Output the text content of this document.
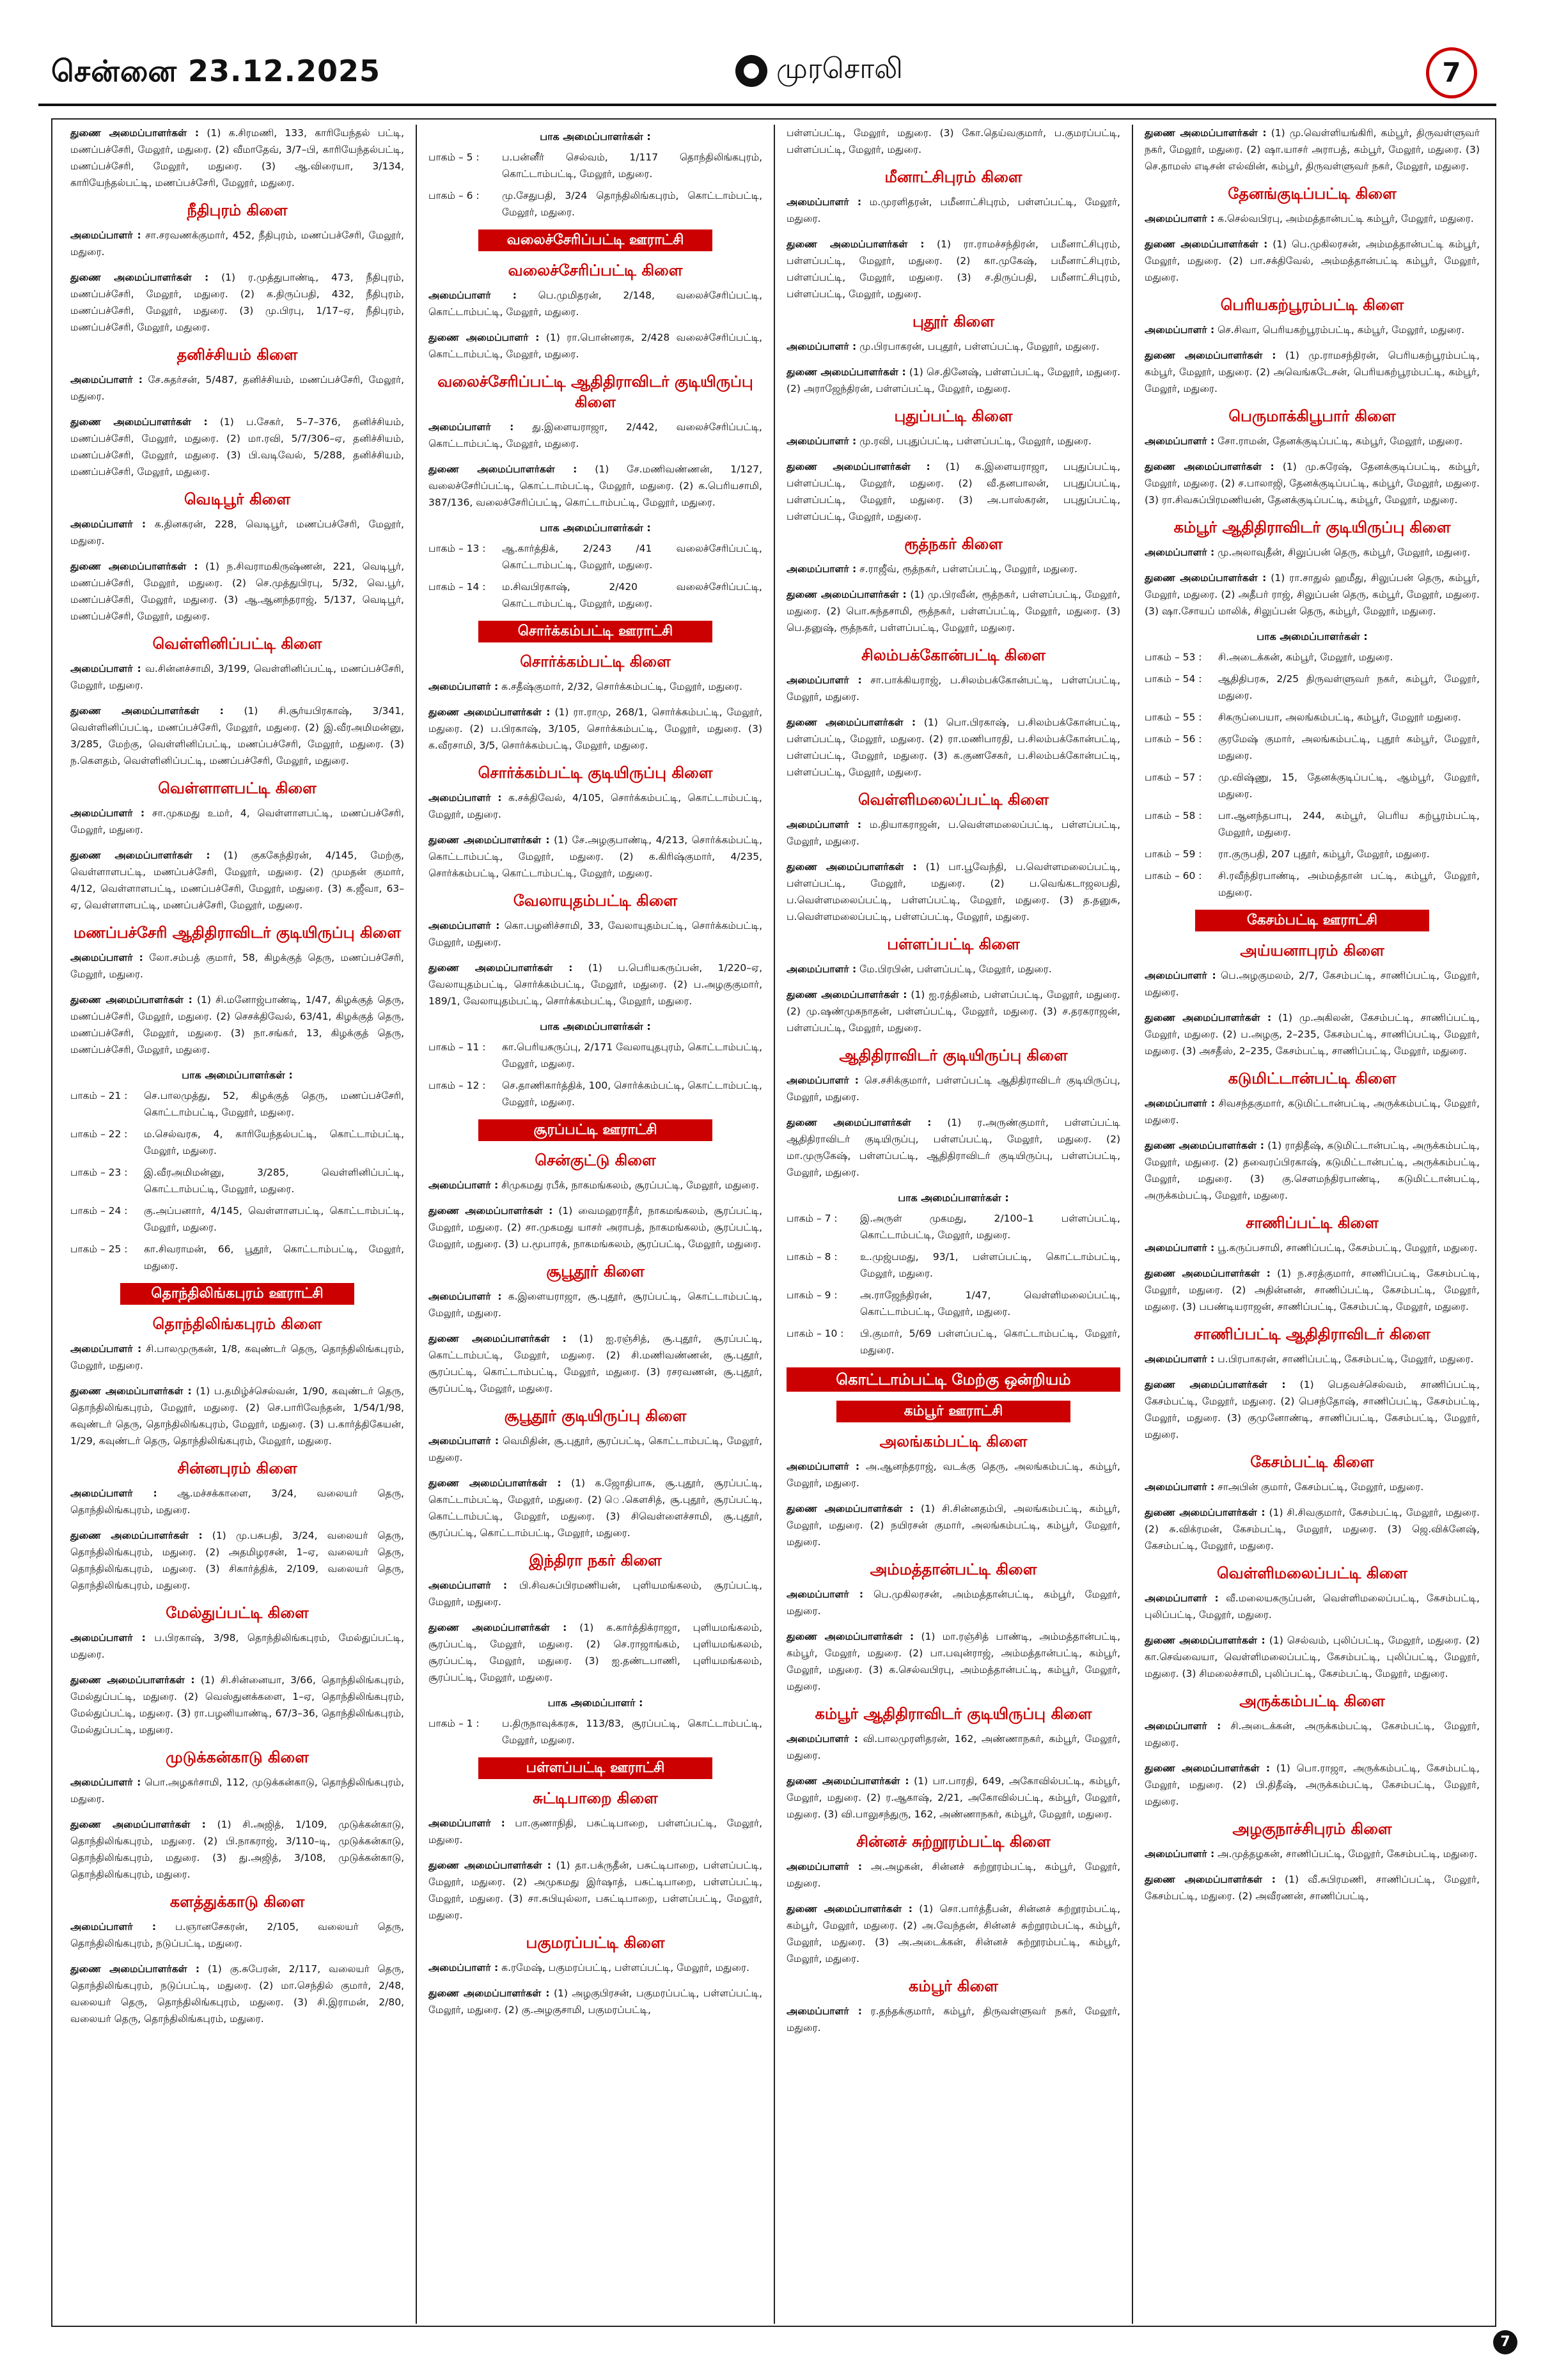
சென்னை 23.12.2025	முரசொலி	7

துணை அமைப்பாளர்கள் : (1) க.சிரமணி, 133, காரியேந்தல் பட்டி, மணப்பச்சேரி, மேலூர், மதுரை. (2) வீமாதேவ், 3/7–பி, காரியேந்தல்பட்டி, மணப்பச்சேரி, மேலூர், மதுரை. (3) ஆ.விரையா, 3/134, காரியேந்தல்பட்டி, மணப்பச்சேரி, மேலூர், மதுரை.

நீதிபுரம் கிளை

அமைப்பாளர் : சா.சரவணக்குமார், 452, நீதிபுரம், மணப்பச்சேரி, மேலூர், மதுரை.

துணை அமைப்பாளர்கள் : (1) ர.முத்துபாண்டி, 473, நீதிபுரம், மணப்பச்சேரி, மேலூர், மதுரை. (2) க.திருப்பதி, 432, நீதிபுரம், மணப்பச்சேரி, மேலூர், மதுரை. (3) மு.பிரபு, 1/17–ஏ, நீதிபுரம், மணப்பச்சேரி, மேலூர், மதுரை.

தனிச்சியம் கிளை

அமைப்பாளர் : சே.சுதர்சன், 5/487, தனிச்சியம், மணப்பச்சேரி, மேலூர், மதுரை.

துணை அமைப்பாளர்கள் : (1) ப.சேகர், 5–7–376, தனிச்சியம், மணப்பச்சேரி, மேலூர், மதுரை. (2) மா.ரவி, 5/7/306–ஏ, தனிச்சியம், மணப்பச்சேரி, மேலூர், மதுரை. (3) பி.வடிவேல், 5/288, தனிச்சியம், மணப்பச்சேரி, மேலூர், மதுரை.

வெடிபூர் கிளை

அமைப்பாளர் : க.தினகரன், 228, வெடிபூர், மணப்பச்சேரி, மேலூர், மதுரை.

துணை அமைப்பாளர்கள் : (1) ந.சிவராமகிருஷ்ணன், 221, வெடிபூர், மணப்பச்சேரி, மேலூர், மதுரை. (2) செ.முத்துபிரபு, 5/32, வெ.பூர், மணப்பச்சேரி, மேலூர், மதுரை. (3) ஆ.ஆனந்தராஜ், 5/137, வெடிபூர், மணப்பச்சேரி, மேலூர், மதுரை.

வெள்ளினிப்பட்டி கிளை

அமைப்பாளர் : வ.சின்னச்சாமி, 3/199, வெள்ளினிப்பட்டி, மணப்பச்சேரி, மேலூர், மதுரை.

துணை அமைப்பாளர்கள் : (1) சி.சூர்யபிரகாஷ், 3/341, வெள்ளினிப்பட்டி, மணப்பச்சேரி, மேலூர், மதுரை. (2) இ.வீரஅமிமன்னு, 3/285, மேற்கு, வெள்ளினிப்பட்டி, மணப்பச்சேரி, மேலூர், மதுரை. (3) ந.கௌதம், வெள்ளினிப்பட்டி, மணப்பச்சேரி, மேலூர், மதுரை.

வெள்ளாளபட்டி கிளை

அமைப்பாளர் : சா.முகமது உமர், 4, வெள்ளாளபட்டி, மணப்பச்சேரி, மேலூர், மதுரை.

துணை அமைப்பாளர்கள் : (1) குககேந்திரன், 4/145, மேற்கு, வெள்ளாளபட்டி, மணப்பச்சேரி, மேலூர், மதுரை. (2) முமதன் குமார், 4/12, வெள்ளாளபட்டி, மணப்பச்சேரி, மேலூர், மதுரை. (3) க.ஜீவா, 63–ஏ, வெள்ளாளபட்டி, மணப்பச்சேரி, மேலூர், மதுரை.

மணப்பச்சேரி ஆதிதிராவிடர் குடியிருப்பு கிளை

அமைப்பாளர் : லோ.சம்பத் குமார், 58, கிழக்குத் தெரு, மணப்பச்சேரி, மேலூர், மதுரை.

துணை அமைப்பாளர்கள் : (1) சி.மனோஜ்பாண்டி, 1/47, கிழக்குத் தெரு, மணப்பச்சேரி, மேலூர், மதுரை. (2) செசக்திவேல், 63/41, கிழக்குத் தெரு, மணப்பச்சேரி, மேலூர், மதுரை. (3) நா.சங்கர், 13, கிழக்குத் தெரு, மணப்பச்சேரி, மேலூர், மதுரை.

பாக அமைப்பாளர்கள் :
பாகம் – 21 :	செ.பாலமுத்து, 52, கிழக்குத் தெரு, மணப்பச்சேரி, கொட்டாம்பட்டி, மேலூர், மதுரை.
பாகம் – 22 :	ம.செல்வரசு, 4, காரியேந்தல்பட்டி, கொட்டாம்பட்டி, மேலூர், மதுரை.
பாகம் – 23 :	இ.வீரஅமிமன்னு, 3/285, வெள்ளினிப்பட்டி, கொட்டாம்பட்டி, மேலூர், மதுரை.
பாகம் – 24 :	கு.அப்பனார், 4/145, வெள்ளாளபட்டி, கொட்டாம்பட்டி, மேலூர், மதுரை.
பாகம் – 25 :	கா.சிவராமன், 66, பூதூர், கொட்டாம்பட்டி, மேலூர், மதுரை.
தொந்திலிங்கபுரம் ஊராட்சி
தொந்திலிங்கபுரம் கிளை

அமைப்பாளர் : சி.பாலமுருகன், 1/8, கவுண்டர் தெரு, தொந்திலிங்கபுரம், மேலூர், மதுரை.

துணை அமைப்பாளர்கள் : (1) ப.தமிழ்ச்செல்வன், 1/90, கவுண்டர் தெரு, தொந்திலிங்கபுரம், மேலூர், மதுரை. (2) செ.பாரிவேந்தன், 1/54/1/98, கவுண்டர் தெரு, தொந்திலிங்கபுரம், மேலூர், மதுரை. (3) ப.கார்த்திகேயன், 1/29, கவுண்டர் தெரு, தொந்திலிங்கபுரம், மேலூர், மதுரை.

சின்னபுரம் கிளை

அமைப்பாளர் : ஆ.மச்சக்காளை, 3/24, வலையர் தெரு, தொந்திலிங்கபுரம், மதுரை.

துணை அமைப்பாளர்கள் : (1) மு.பசுபதி, 3/24, வலையர் தெரு, தொந்திலிங்கபுரம், மதுரை. (2) அதமிழரசன், 1–ஏ, வலையர் தெரு, தொந்திலிங்கபுரம், மதுரை. (3) சிகார்த்திக், 2/109, வலையர் தெரு, தொந்திலிங்கபுரம், மதுரை.

மேல்துப்பட்டி கிளை

அமைப்பாளர் : ப.பிரகாஷ், 3/98, தொந்திலிங்கபுரம், மேல்துப்பட்டி, மதுரை.

துணை அமைப்பாளர்கள் : (1) சி.சின்னையா, 3/66, தொந்திலிங்கபுரம், மேல்துப்பட்டி, மதுரை. (2) வெஸ்துனக்களை, 1–ஏ, தொந்திலிங்கபுரம், மேல்துப்பட்டி, மதுரை. (3) ரா.பழனியாண்டி, 67/3–36, தொந்திலிங்கபுரம், மேல்துப்பட்டி, மதுரை.

முடுக்கன்காடு கிளை

அமைப்பாளர் : பொ.அழகர்சாமி, 112, முடுக்கன்காடு, தொந்திலிங்கபுரம், மதுரை.

துணை அமைப்பாளர்கள் : (1) சி.அஜித், 1/109, முடுக்கன்காடு, தொந்திலிங்கபுரம், மதுரை. (2) பி.நாகராஜ், 3/110–டி, முடுக்கன்காடு, தொந்திலிங்கபுரம், மதுரை. (3) து.அஜித், 3/108, முடுக்கன்காடு, தொந்திலிங்கபுரம், மதுரை.

களத்துக்காடு கிளை

அமைப்பாளர் : ப.ஞானசேகரன், 2/105, வலையர் தெரு, தொந்திலிங்கபுரம், நடுப்பட்டி, மதுரை.

துணை அமைப்பாளர்கள் : (1) கு.சுபேரன், 2/117, வலையர் தெரு, தொந்திலிங்கபுரம், நடுப்பட்டி, மதுரை. (2) மா.செந்தில் குமார், 2/48, வலையர் தெரு, தொந்திலிங்கபுரம், மதுரை. (3) சி.இராமன், 2/80, வலையர் தெரு, தொந்திலிங்கபுரம், மதுரை.

பாக அமைப்பாளர்கள் :
பாகம் – 5 :	ப.பன்னீர் செல்வம், 1/117 தொந்திலிங்கபுரம், கொட்டாம்பட்டி, மேலூர், மதுரை.
பாகம் – 6 :	மு.சேதுபதி, 3/24 தொந்திலிங்கபுரம், கொட்டாம்பட்டி, மேலூர், மதுரை.
வலைச்சேரிப்பட்டி ஊராட்சி
வலைச்சேரிப்பட்டி கிளை

அமைப்பாளர் : பெ.முமிதரன், 2/148, வலைச்சேரிப்பட்டி, கொட்டாம்பட்டி, மேலூர், மதுரை.

துணை அமைப்பாளர் : (1) ரா.பொன்னரசு, 2/428 வலைச்சேரிப்பட்டி, கொட்டாம்பட்டி, மேலூர், மதுரை.

வலைச்சேரிப்பட்டி ஆதிதிராவிடர் குடியிருப்பு கிளை

அமைப்பாளர் : து.இளையராஜா, 2/442, வலைச்சேரிப்பட்டி, கொட்டாம்பட்டி, மேலூர், மதுரை.

துணை அமைப்பாளர்கள் : (1) சே.மணிவண்ணன், 1/127, வலைச்சேரிப்பட்டி, கொட்டாம்பட்டி, மேலூர், மதுரை. (2) க.பெரியசாமி, 387/136, வலைச்சேரிப்பட்டி, கொட்டாம்பட்டி, மேலூர், மதுரை.

பாக அமைப்பாளர்கள் :
பாகம் – 13 :	ஆ.கார்த்திக், 2/243 /41 வலைச்சேரிப்பட்டி, கொட்டாம்பட்டி, மேலூர், மதுரை.
பாகம் – 14 :	ம.சிவபிரகாஷ், 2/420 வலைச்சேரிப்பட்டி, கொட்டாம்பட்டி, மேலூர், மதுரை.
சொர்க்கம்பட்டி ஊராட்சி
சொர்க்கம்பட்டி கிளை

அமைப்பாளர் : க.சதீஷ்குமார், 2/32, சொர்க்கம்பட்டி, மேலூர், மதுரை.

துணை அமைப்பாளர்கள் : (1) ரா.ராமு, 268/1, சொர்க்கம்பட்டி, மேலூர், மதுரை. (2) ப.பிரகாஷ், 3/105, சொர்க்கம்பட்டி, மேலூர், மதுரை. (3) க.வீரசாமி, 3/5, சொர்க்கம்பட்டி, மேலூர், மதுரை.

சொர்க்கம்பட்டி குடியிருப்பு கிளை

அமைப்பாளர் : க.சக்திவேல், 4/105, சொர்க்கம்பட்டி, கொட்டாம்பட்டி, மேலூர், மதுரை.

துணை அமைப்பாளர்கள் : (1) சே.அழகுபாண்டி, 4/213, சொர்க்கம்பட்டி, கொட்டாம்பட்டி, மேலூர், மதுரை. (2) க.கிரிஷ்குமார், 4/235, சொர்க்கம்பட்டி, கொட்டாம்பட்டி, மேலூர், மதுரை.

வேலாயுதம்பட்டி கிளை

அமைப்பாளர் : கொ.பழனிச்சாமி, 33, வேலாயுதம்பட்டி, சொர்க்கம்பட்டி, மேலூர், மதுரை.

துணை அமைப்பாளர்கள் : (1) ப.பெரியகருப்பன், 1/220–ஏ, வேலாயுதம்பட்டி, சொர்க்கம்பட்டி, மேலூர், மதுரை. (2) ப.அழகுகுமார், 189/1, வேலாயுதம்பட்டி, சொர்க்கம்பட்டி, மேலூர், மதுரை.

பாக அமைப்பாளர்கள் :
பாகம் – 11 :	கா.பெரியகருப்பு, 2/171 வேலாயுதபுரம், கொட்டாம்பட்டி, மேலூர், மதுரை.
பாகம் – 12 :	செ.தாணிகார்த்திக், 100, சொர்க்கம்பட்டி, கொட்டாம்பட்டி, மேலூர், மதுரை.
சூரப்பட்டி ஊராட்சி
சென்குட்டு கிளை

அமைப்பாளர் : சிமுகமது ரபீக், நாகமங்கலம், சூரப்பட்டி, மேலூர், மதுரை.

துணை அமைப்பாளர்கள் : (1) வைமஹராதீர், நாகமங்கலம், சூரப்பட்டி, மேலூர், மதுரை. (2) சா.முகமது யாசர் அராபத், நாகமங்கலம், சூரப்பட்டி, மேலூர், மதுரை. (3) ப.மூபாரக், நாகமங்கலம், சூரப்பட்டி, மேலூர், மதுரை.

சூபூதூர் கிளை

அமைப்பாளர் : க.இளையராஜா, சூ.புதூர், சூரப்பட்டி, கொட்டாம்பட்டி, மேலூர், மதுரை.

துணை அமைப்பாளர்கள் : (1) ஐ.ரஞ்சித், சூ.புதூர், சூரப்பட்டி, கொட்டாம்பட்டி, மேலூர், மதுரை. (2) சி.மணிவண்ணன், சூ.புதூர், சூரப்பட்டி, கொட்டாம்பட்டி, மேலூர், மதுரை. (3) ரசரவணன், சூ.புதூர், சூரப்பட்டி, மேலூர், மதுரை.

சூபூதூர் குடியிருப்பு கிளை

அமைப்பாளர் : வெமிதின், சூ.புதூர், சூரப்பட்டி, கொட்டாம்பட்டி, மேலூர், மதுரை.

துணை அமைப்பாளர்கள் : (1) க.ஜோதிபாசு, சூ.புதூர், சூரப்பட்டி, கொட்டாம்பட்டி, மேலூர், மதுரை. (2) ெ.கௌசித், சூ.புதூர், சூரப்பட்டி, கொட்டாம்பட்டி, மேலூர், மதுரை. (3) சிவெள்ளைச்சாமி, சூ.புதூர், சூரப்பட்டி, கொட்டாம்பட்டி, மேலூர், மதுரை.

இந்திரா நகர் கிளை

அமைப்பாளர் : பி.சிவசுப்பிரமணியன், புளியமங்கலம், சூரப்பட்டி, மேலூர், மதுரை.

துணை அமைப்பாளர்கள் : (1) க.கார்த்திக்ராஜா, புளியமங்கலம், சூரப்பட்டி, மேலூர், மதுரை. (2) செ.ராஜாங்கம், புளியமங்கலம், சூரப்பட்டி, மேலூர், மதுரை. (3) ஐ.தண்டபாணி, புளியமங்கலம், சூரப்பட்டி, மேலூர், மதுரை.

பாக அமைப்பாளர் :
பாகம் – 1 :	ப.திருநாவுக்கரசு, 113/83, சூரப்பட்டி, கொட்டாம்பட்டி, மேலூர், மதுரை.
பள்ளப்பட்டி ஊராட்சி
சுட்டிபாறை கிளை

அமைப்பாளர் : பா.குணாநிதி, பசுட்டிபாறை, பள்ளப்பட்டி, மேலூர், மதுரை.

துணை அமைப்பாளர்கள் : (1) தா.பக்ருதீன், பசுட்டிபாறை, பள்ளப்பட்டி, மேலூர், மதுரை. (2) அமுகமது இர்ஷாத், பசுட்டிபாறை, பள்ளப்பட்டி, மேலூர், மதுரை. (3) சா.சுபியுல்லா, பசுட்டிபாறை, பள்ளப்பட்டி, மேலூர், மதுரை.

பகுமரப்பட்டி கிளை

அமைப்பாளர் : க.ரமேஷ், பகுமரப்பட்டி, பள்ளப்பட்டி, மேலூர், மதுரை.

துணை அமைப்பாளர்கள் : (1) அழகுபிரசன், பகுமரப்பட்டி, பள்ளப்பட்டி, மேலூர், மதுரை. (2) கு.அழகுசாமி, பகுமரப்பட்டி,

பள்ளப்பட்டி, மேலூர், மதுரை. (3) கோ.தெய்வகுமார், ப.குமரப்பட்டி, பள்ளப்பட்டி, மேலூர், மதுரை.

மீனாட்சிபுரம் கிளை

அமைப்பாளர் : ம.முரளிதரன், பமீனாட்சிபுரம், பள்ளப்பட்டி, மேலூர், மதுரை.

துணை அமைப்பாளர்கள் : (1) ரா.ராமச்சந்திரன், பமீனாட்சிபுரம், பள்ளப்பட்டி, மேலூர், மதுரை. (2) கா.முகேஷ், பமீனாட்சிபுரம், பள்ளப்பட்டி, மேலூர், மதுரை. (3) ச.திருப்பதி, பமீனாட்சிபுரம், பள்ளப்பட்டி, மேலூர், மதுரை.

புதூர் கிளை

அமைப்பாளர் : மு.பிரபாகரன், பபுதூர், பள்ளப்பட்டி, மேலூர், மதுரை.

துணை அமைப்பாளர்கள் : (1) செ.தினேஷ், பள்ளப்பட்டி, மேலூர், மதுரை. (2) அராஜேந்திரன், பள்ளப்பட்டி, மேலூர், மதுரை.

புதுப்பட்டி கிளை

அமைப்பாளர் : மு.ரவி, பபுதுப்பட்டி, பள்ளப்பட்டி, மேலூர், மதுரை.

துணை அமைப்பாளர்கள் : (1) க.இளையராஜா, பபுதுப்பட்டி, பள்ளப்பட்டி, மேலூர், மதுரை. (2) வீ.தனபாலன், பபுதுப்பட்டி, பள்ளப்பட்டி, மேலூர், மதுரை. (3) அ.பாஸ்கரன், பபுதுப்பட்டி, பள்ளப்பட்டி, மேலூர், மதுரை.

ரூத்நகர் கிளை

அமைப்பாளர் : ச.ராஜீவ், ரூத்நகர், பள்ளப்பட்டி, மேலூர், மதுரை.

துணை அமைப்பாளர்கள் : (1) மு.பிரவீன், ரூத்நகர், பள்ளப்பட்டி, மேலூர், மதுரை. (2) பொ.சுந்தசாமி, ரூத்நகர், பள்ளப்பட்டி, மேலூர், மதுரை. (3) பெ.தனுஷ், ரூத்நகர், பள்ளப்பட்டி, மேலூர், மதுரை.

சிலம்பக்கோன்பட்டி கிளை

அமைப்பாளர் : சா.பாக்கியராஜ், ப.சிலம்பக்கோன்பட்டி, பள்ளப்பட்டி, மேலூர், மதுரை.

துணை அமைப்பாளர்கள் : (1) பொ.பிரகாஷ், ப.சிலம்பக்கோன்பட்டி, பள்ளப்பட்டி, மேலூர், மதுரை. (2) ரா.மணிபாரதி, ப.சிலம்பக்கோன்பட்டி, பள்ளப்பட்டி, மேலூர், மதுரை. (3) க.குணசேகர், ப.சிலம்பக்கோன்பட்டி, பள்ளப்பட்டி, மேலூர், மதுரை.

வெள்ளிமலைப்பட்டி கிளை

அமைப்பாளர் : ம.தியாகராஜன், ப.வெள்ளமலைப்பட்டி, பள்ளப்பட்டி, மேலூர், மதுரை.

துணை அமைப்பாளர்கள் : (1) பா.பூவேந்தி, ப.வெள்ளமலைப்பட்டி, பள்ளப்பட்டி, மேலூர், மதுரை. (2) ப.வெங்கடாஜலபதி, ப.வெள்ளமலைப்பட்டி, பள்ளப்பட்டி, மேலூர், மதுரை. (3) த.தனுசு, ப.வெள்ளமலைப்பட்டி, பள்ளப்பட்டி, மேலூர், மதுரை.

பள்ளப்பட்டி கிளை

அமைப்பாளர் : மே.பிரபின், பள்ளப்பட்டி, மேலூர், மதுரை.

துணை அமைப்பாளர்கள் : (1) ஐ.ரத்தினம், பள்ளப்பட்டி, மேலூர், மதுரை. (2) மு.ஷண்முகநாதன், பள்ளப்பட்டி, மேலூர், மதுரை. (3) ச.தரகராஜன், பள்ளப்பட்டி, மேலூர், மதுரை.

ஆதிதிராவிடர் குடியிருப்பு கிளை

அமைப்பாளர் : செ.சசிக்குமார், பள்ளப்பட்டி ஆதிதிராவிடர் குடியிருப்பு, மேலூர், மதுரை.

துணை அமைப்பாளர்கள் : (1) ர.அருண்குமார், பள்ளப்பட்டி ஆதிதிராவிடர் குடியிருப்பு, பள்ளப்பட்டி, மேலூர், மதுரை. (2) மா.முருகேஷ், பள்ளப்பட்டி, ஆதிதிராவிடர் குடியிருப்பு, பள்ளப்பட்டி, மேலூர், மதுரை.

பாக அமைப்பாளர்கள் :
பாகம் – 7 :	இ.அருள் முகமது, 2/100–1 பள்ளப்பட்டி, கொட்டாம்பட்டி, மேலூர், மதுரை.
பாகம் – 8 :	உ.முஜ்பமது, 93/1, பள்ளப்பட்டி, கொட்டாம்பட்டி, மேலூர், மதுரை.
பாகம் – 9 :	அ.ராஜேந்திரன், 1/47, வெள்ளிமலைப்பட்டி, கொட்டாம்பட்டி, மேலூர், மதுரை.
பாகம் – 10 :	பி.குமார், 5/69 பள்ளப்பட்டி, கொட்டாம்பட்டி, மேலூர், மதுரை.
கொட்டாம்பட்டி மேற்கு ஒன்றியம்
கம்பூர் ஊராட்சி
அலங்கம்பட்டி கிளை

அமைப்பாளர் : அ.ஆனந்தராஜ், வடக்கு தெரு, அலங்கம்பட்டி, கம்பூர், மேலூர், மதுரை.

துணை அமைப்பாளர்கள் : (1) சி.சின்னதம்பி, அலங்கம்பட்டி, கம்பூர், மேலூர், மதுரை. (2) நயிரசன் குமார், அலங்கம்பட்டி, கம்பூர், மேலூர், மதுரை.

அம்மத்தான்பட்டி கிளை

அமைப்பாளர் : பெ.முகிலரசன், அம்மத்தான்பட்டி, கம்பூர், மேலூர், மதுரை.

துணை அமைப்பாளர்கள் : (1) மா.ரஞ்சித் பாண்டி, அம்மத்தான்பட்டி, கம்பூர், மேலூர், மதுரை. (2) பா.பவுன்ராஜ், அம்மத்தான்பட்டி, கம்பூர், மேலூர், மதுரை. (3) க.செல்வபிரபு, அம்மத்தான்பட்டி, கம்பூர், மேலூர், மதுரை.

கம்பூர் ஆதிதிராவிடர் குடியிருப்பு கிளை

அமைப்பாளர் : வி.பாலமுரளிதரன், 162, அண்ணாநகர், கம்பூர், மேலூர், மதுரை.

துணை அமைப்பாளர்கள் : (1) பா.பாரதி, 649, அகோவில்பட்டி, கம்பூர், மேலூர், மதுரை. (2) ர.ஆகாஷ், 2/21, அகோவில்பட்டி, கம்பூர், மேலூர், மதுரை. (3) வி.பாலுசந்துரு, 162, அண்ணாநகர், கம்பூர், மேலூர், மதுரை.

சின்னச் சுற்றூரம்பட்டி கிளை

அமைப்பாளர் : அ.அழகன், சின்னச் சுற்றூரம்பட்டி, கம்பூர், மேலூர், மதுரை.

துணை அமைப்பாளர்கள் : (1) சொ.பார்த்தீபன், சின்னச் சுற்றூரம்பட்டி, கம்பூர், மேலூர், மதுரை. (2) அ.வேந்தன், சின்னச் சுற்றூரம்பட்டி, கம்பூர், மேலூர், மதுரை. (3) அ.அடைக்கன், சின்னச் சுற்றூரம்பட்டி, கம்பூர், மேலூர், மதுரை.

கம்பூர் கிளை

அமைப்பாளர் : ர.தந்தக்குமார், கம்பூர், திருவள்ளுவர் நகர், மேலூர், மதுரை.

துணை அமைப்பாளர்கள் : (1) மு.வெள்ளியங்கிரி, கம்பூர், திருவள்ளுவர் நகர், மேலூர், மதுரை. (2) ஷா.யாசர் அராபத், கம்பூர், மேலூர், மதுரை. (3) செ.தாமஸ் எடிசன் எல்வின், கம்பூர், திருவள்ளுவர் நகர், மேலூர், மதுரை.

தேனங்குடிப்பட்டி கிளை

அமைப்பாளர் : க.செல்வபிரபு, அம்மத்தான்பட்டி கம்பூர், மேலூர், மதுரை.

துணை அமைப்பாளர்கள் : (1) பெ.முகிலரசன், அம்மத்தான்பட்டி கம்பூர், மேலூர், மதுரை. (2) பா.சக்திவேல், அம்மத்தான்பட்டி கம்பூர், மேலூர், மதுரை.

பெரியகற்பூரம்பட்டி கிளை

அமைப்பாளர் : செ.சிவா, பெரியகற்பூரம்பட்டி, கம்பூர், மேலூர், மதுரை.

துணை அமைப்பாளர்கள் : (1) மு.ராமசந்திரன், பெரியகற்பூரம்பட்டி, கம்பூர், மேலூர், மதுரை. (2) அவெங்கடேசன், பெரியகற்பூரம்பட்டி, கம்பூர், மேலூர், மதுரை.

பெருமாக்கிபூபார் கிளை

அமைப்பாளர் : சோ.ராமன், தேனக்குடிப்பட்டி, கம்பூர், மேலூர், மதுரை.

துணை அமைப்பாளர்கள் : (1) மு.சுரேஷ், தேனக்குடிப்பட்டி, கம்பூர், மேலூர், மதுரை. (2) ச.பாலாஜி, தேனக்குடிப்பட்டி, கம்பூர், மேலூர், மதுரை. (3) ரா.சிவசுப்பிரமணியன், தேனக்குடிப்பட்டி, கம்பூர், மேலூர், மதுரை.

கம்பூர் ஆதிதிராவிடர் குடியிருப்பு கிளை

அமைப்பாளர் : மு.அலாவுதீன், சிலுப்பன் தெரு, கம்பூர், மேலூர், மதுரை.

துணை அமைப்பாளர்கள் : (1) ரா.சாதுல் ஹமீது, சிலுப்பன் தெரு, கம்பூர், மேலூர், மதுரை. (2) அதீபர் ராஜ், சிலுப்பன் தெரு, கம்பூர், மேலூர், மதுரை. (3) ஷா.சோயப் மாலிக், சிலுப்பன் தெரு, கம்பூர், மேலூர், மதுரை.

பாக அமைப்பாளர்கள் :
பாகம் – 53 :	சி.அடைக்கன், கம்பூர், மேலூர், மதுரை.
பாகம் – 54 :	ஆதிதிபரசு, 2/25 திருவள்ளுவர் நகர், கம்பூர், மேலூர், மதுரை.
பாகம் – 55 :	சிகருப்பையா, அலங்கம்பட்டி, கம்பூர், மேலூர் மதுரை.
பாகம் – 56 :	குரமேஷ் குமார், அலங்கம்பட்டி, புதூர் கம்பூர், மேலூர், மதுரை.
பாகம் – 57 :	மு.விஷ்ணு, 15, தேனக்குடிப்பட்டி, ஆம்பூர், மேலூர், மதுரை.
பாகம் – 58 :	பா.ஆனந்தபாபு, 244, கம்பூர், பெரிய கற்பூரம்பட்டி, மேலூர், மதுரை.
பாகம் – 59 :	ரா.குருபதி, 207 புதூர், கம்பூர், மேலூர், மதுரை.
பாகம் – 60 :	சி.ரவீந்திரபாண்டி, அம்மத்தான் பட்டி, கம்பூர், மேலூர், மதுரை.
கேசம்பட்டி ஊராட்சி
அய்யனாபுரம் கிளை

அமைப்பாளர் : பெ.அழகுமலம், 2/7, கேசம்பட்டி, சாணிப்பட்டி, மேலூர், மதுரை.

துணை அமைப்பாளர்கள் : (1) மு.அகிலன், கேசம்பட்டி, சாணிப்பட்டி, மேலூர், மதுரை. (2) ப.அழகு, 2–235, கேசம்பட்டி, சாணிப்பட்டி, மேலூர், மதுரை. (3) அசதீஸ், 2–235, கேசம்பட்டி, சாணிப்பட்டி, மேலூர், மதுரை.

கடுமிட்டான்பட்டி கிளை

அமைப்பாளர் : சிவசந்தகுமார், கடுமிட்டான்பட்டி, அருக்கம்பட்டி, மேலூர், மதுரை.

துணை அமைப்பாளர்கள் : (1) ராதிதீஷ், கடுமிட்டான்பட்டி, அருக்கம்பட்டி, மேலூர், மதுரை. (2) தவைரப்பிரகாஷ், கடுமிட்டான்பட்டி, அருக்கம்பட்டி, மேலூர், மதுரை. (3) கு.சௌமந்திரபாண்டி, கடுமிட்டான்பட்டி, அருக்கம்பட்டி, மேலூர், மதுரை.

சாணிப்பட்டி கிளை

அமைப்பாளர் : பூ.கருப்பசாமி, சாணிப்பட்டி, கேசம்பட்டி, மேலூர், மதுரை.

துணை அமைப்பாளர்கள் : (1) ந.சரத்குமார், சாணிப்பட்டி, கேசம்பட்டி, மேலூர், மதுரை. (2) அதின்னன், சாணிப்பட்டி, கேசம்பட்டி, மேலூர், மதுரை. (3) பபண்டியராஜன், சாணிப்பட்டி, கேசம்பட்டி, மேலூர், மதுரை.

சாணிப்பட்டி ஆதிதிராவிடர் கிளை

அமைப்பாளர் : ப.பிரபாகரன், சாணிப்பட்டி, கேசம்பட்டி, மேலூர், மதுரை.

துணை அமைப்பாளர்கள் : (1) பெதவச்செல்வம், சாணிப்பட்டி, கேசம்பட்டி, மேலூர், மதுரை. (2) பெசந்தோஷ், சாணிப்பட்டி, கேசம்பட்டி, மேலூர், மதுரை. (3) குமுனோண்டி, சாணிப்பட்டி, கேசம்பட்டி, மேலூர், மதுரை.

கேசம்பட்டி கிளை

அமைப்பாளர் : சாஅபின் குமார், கேசம்பட்டி, மேலூர், மதுரை.

துணை அமைப்பாளர்கள் : (1) சி.சிவகுமார், கேசம்பட்டி, மேலூர், மதுரை. (2) சு.விக்ரமன், கேசம்பட்டி, மேலூர், மதுரை. (3) ஜெ.விக்னேஷ், கேசம்பட்டி, மேலூர், மதுரை.

வெள்ளிமலைப்பட்டி கிளை

அமைப்பாளர் : வீ.மலையகருப்பன், வெள்ளிமலைப்பட்டி, கேசம்பட்டி, புலிப்பட்டி, மேலூர், மதுரை.

துணை அமைப்பாளர்கள் : (1) செல்வம், புலிப்பட்டி, மேலூர், மதுரை. (2) கா.செவ்வையா, வெள்ளிமலைப்பட்டி, கேசம்பட்டி, புலிப்பட்டி, மேலூர், மதுரை. (3) சிமலைச்சாமி, புலிப்பட்டி, கேசம்பட்டி, மேலூர், மதுரை.

அருக்கம்பட்டி கிளை

அமைப்பாளர் : சி.அடைக்கன், அருக்கம்பட்டி, கேசம்பட்டி, மேலூர், மதுரை.

துணை அமைப்பாளர்கள் : (1) பொ.ராஜா, அருக்கம்பட்டி, கேசம்பட்டி, மேலூர், மதுரை. (2) பி.திதீஷ், அருக்கம்பட்டி, கேசம்பட்டி, மேலூர், மதுரை.

அழகுநாச்சிபுரம் கிளை

அமைப்பாளர் : அ.முத்தழகன், சாணிப்பட்டி, மேலூர், கேசம்பட்டி, மதுரை.

துணை அமைப்பாளர்கள் : (1) வீ.சுபிரமணி, சாணிப்பட்டி, மேலூர், கேசம்பட்டி, மதுரை. (2) அவீரணன், சாணிப்பட்டி,

7
